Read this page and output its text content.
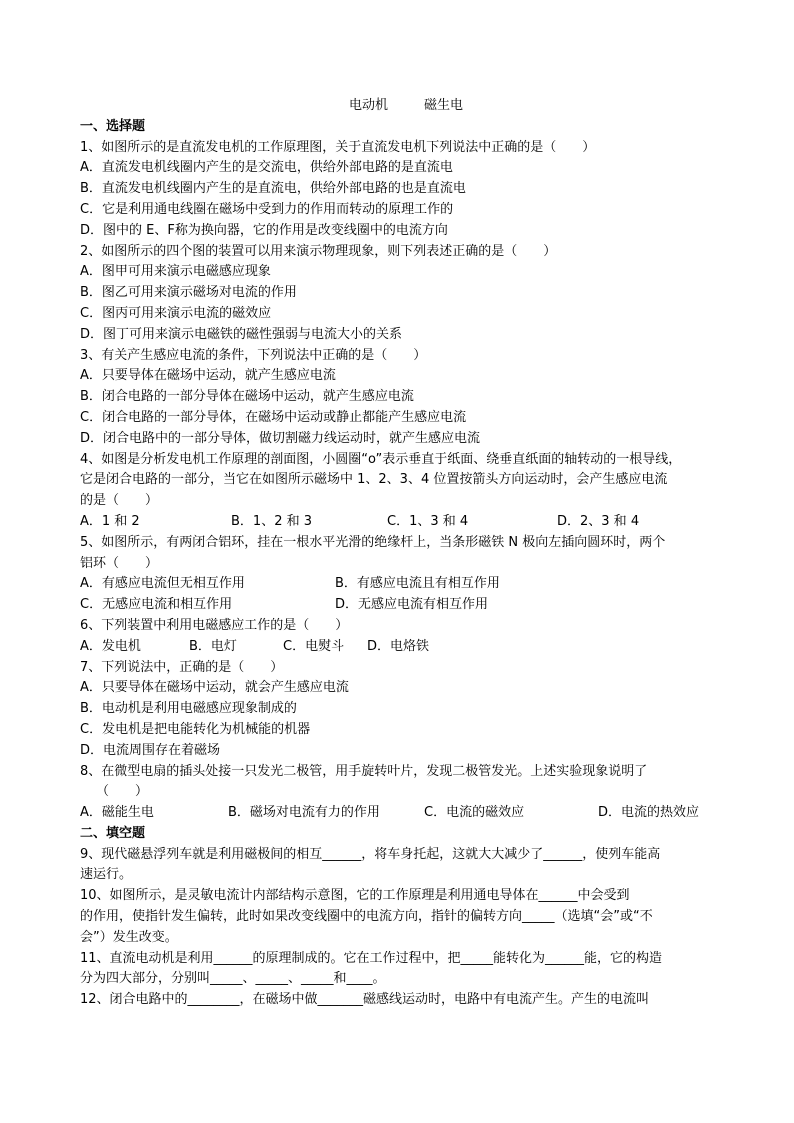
电动机	磁生电
一、选择题
1、如图所示的是直流发电机的工作原理图，关于直流发电机下列说法中正确的是（　　）
A．直流发电机线圈内产生的是交流电，供给外部电路的是直流电
B．直流发电机线圈内产生的是直流电，供给外部电路的也是直流电
C．它是利用通电线圈在磁场中受到力的作用而转动的原理工作的
D．图中的 E、F称为换向器，它的作用是改变线圈中的电流方向
2、如图所示的四个图的装置可以用来演示物理现象，则下列表述正确的是（　　）
A．图甲可用来演示电磁感应现象
B．图乙可用来演示磁场对电流的作用
C．图丙可用来演示电流的磁效应
D．图丁可用来演示电磁铁的磁性强弱与电流大小的关系
3、有关产生感应电流的条件，下列说法中正确的是（　　）
A．只要导体在磁场中运动，就产生感应电流
B．闭合电路的一部分导体在磁场中运动，就产生感应电流
C．闭合电路的一部分导体，在磁场中运动或静止都能产生感应电流
D．闭合电路中的一部分导体，做切割磁力线运动时，就产生感应电流
4、如图是分析发电机工作原理的剖面图，小圆圈“o”表示垂直于纸面、绕垂直纸面的轴转动的一根导线，
它是闭合电路的一部分，当它在如图所示磁场中 1、2、3、4 位置按箭头方向运动时，会产生感应电流
的是（　　）
A．1 和 2	B．1、2 和 3	C．1、3 和 4	D．2、3 和 4
5、如图所示，有两闭合铝环，挂在一根水平光滑的绝缘杆上，当条形磁铁 N 极向左插向圆环时，两个
铝环（　　）
A．有感应电流但无相互作用	B．有感应电流且有相互作用
C．无感应电流和相互作用	D．无感应电流有相互作用
6、下列装置中利用电磁感应工作的是（　　）
A．发电机	B．电灯	C．电熨斗	D．电烙铁
7、下列说法中，正确的是（　　）
A．只要导体在磁场中运动，就会产生感应电流
B．电动机是利用电磁感应现象制成的
C．发电机是把电能转化为机械能的机器
D．电流周围存在着磁场
8、在微型电扇的插头处接一只发光二极管，用手旋转叶片，发现二极管发光。上述实验现象说明了
（　　）
A．磁能生电	B．磁场对电流有力的作用	C．电流的磁效应	D．电流的热效应
二、填空题
9、现代磁悬浮列车就是利用磁极间的相互______，将车身托起，这就大大减少了______，使列车能高
速运行。
10、如图所示，是灵敏电流计内部结构示意图，它的工作原理是利用通电导体在______中会受到
的作用，使指针发生偏转，此时如果改变线圈中的电流方向，指针的偏转方向_____（选填“会”或“不
会”）发生改变。
11、直流电动机是利用______的原理制成的。它在工作过程中，把_____能转化为______能，它的构造
分为四大部分，分别叫_____、_____、_____和____。
12、闭合电路中的________，在磁场中做_______磁感线运动时，电路中有电流产生。产生的电流叫
